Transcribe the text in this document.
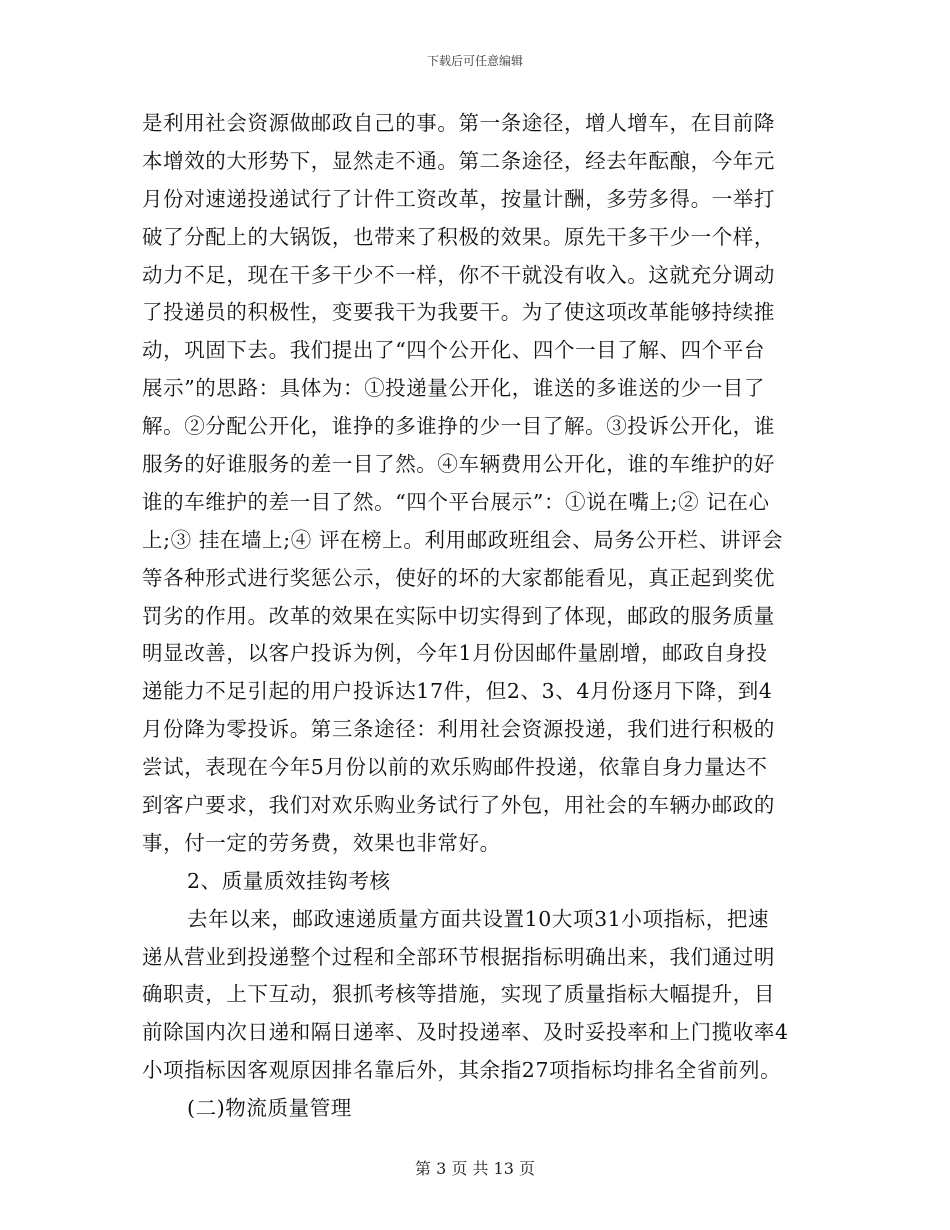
下载后可任意编辑
是利用社会资源做邮政自己的事。第一条途径，增人增车，在目前降
本增效的大形势下，显然走不通。第二条途径，经去年酝酿，今年元
月份对速递投递试行了计件工资改革，按量计酬，多劳多得。一举打
破了分配上的大锅饭，也带来了积极的效果。原先干多干少一个样，
动力不足，现在干多干少不一样，你不干就没有收入。这就充分调动
了投递员的积极性，变要我干为我要干。为了使这项改革能够持续推
动，巩固下去。我们提出了“四个公开化、四个一目了解、四个平台
展示”的思路：具体为：①投递量公开化，谁送的多谁送的少一目了
解。②分配公开化，谁挣的多谁挣的少一目了解。③投诉公开化，谁
服务的好谁服务的差一目了然。④车辆费用公开化，谁的车维护的好
谁的车维护的差一目了然。“四个平台展示”：①说在嘴上;② 记在心
上;③ 挂在墙上;④ 评在榜上。利用邮政班组会、局务公开栏、讲评会
等各种形式进行奖惩公示，使好的坏的大家都能看见，真正起到奖优
罚劣的作用。改革的效果在实际中切实得到了体现，邮政的服务质量
明显改善，以客户投诉为例，今年1月份因邮件量剧增，邮政自身投
递能力不足引起的用户投诉达17件，但2、3、4月份逐月下降，到4
月份降为零投诉。第三条途径：利用社会资源投递，我们进行积极的
尝试，表现在今年5月份以前的欢乐购邮件投递，依靠自身力量达不
到客户要求，我们对欢乐购业务试行了外包，用社会的车辆办邮政的
事，付一定的劳务费，效果也非常好。
2、质量质效挂钩考核
去年以来，邮政速递质量方面共设置10大项31小项指标，把速
递从营业到投递整个过程和全部环节根据指标明确出来，我们通过明
确职责，上下互动，狠抓考核等措施，实现了质量指标大幅提升，目
前除国内次日递和隔日递率、及时投递率、及时妥投率和上门揽收率4
小项指标因客观原因排名靠后外，其余指27项指标均排名全省前列。
(二)物流质量管理
第 3 页 共 13 页
